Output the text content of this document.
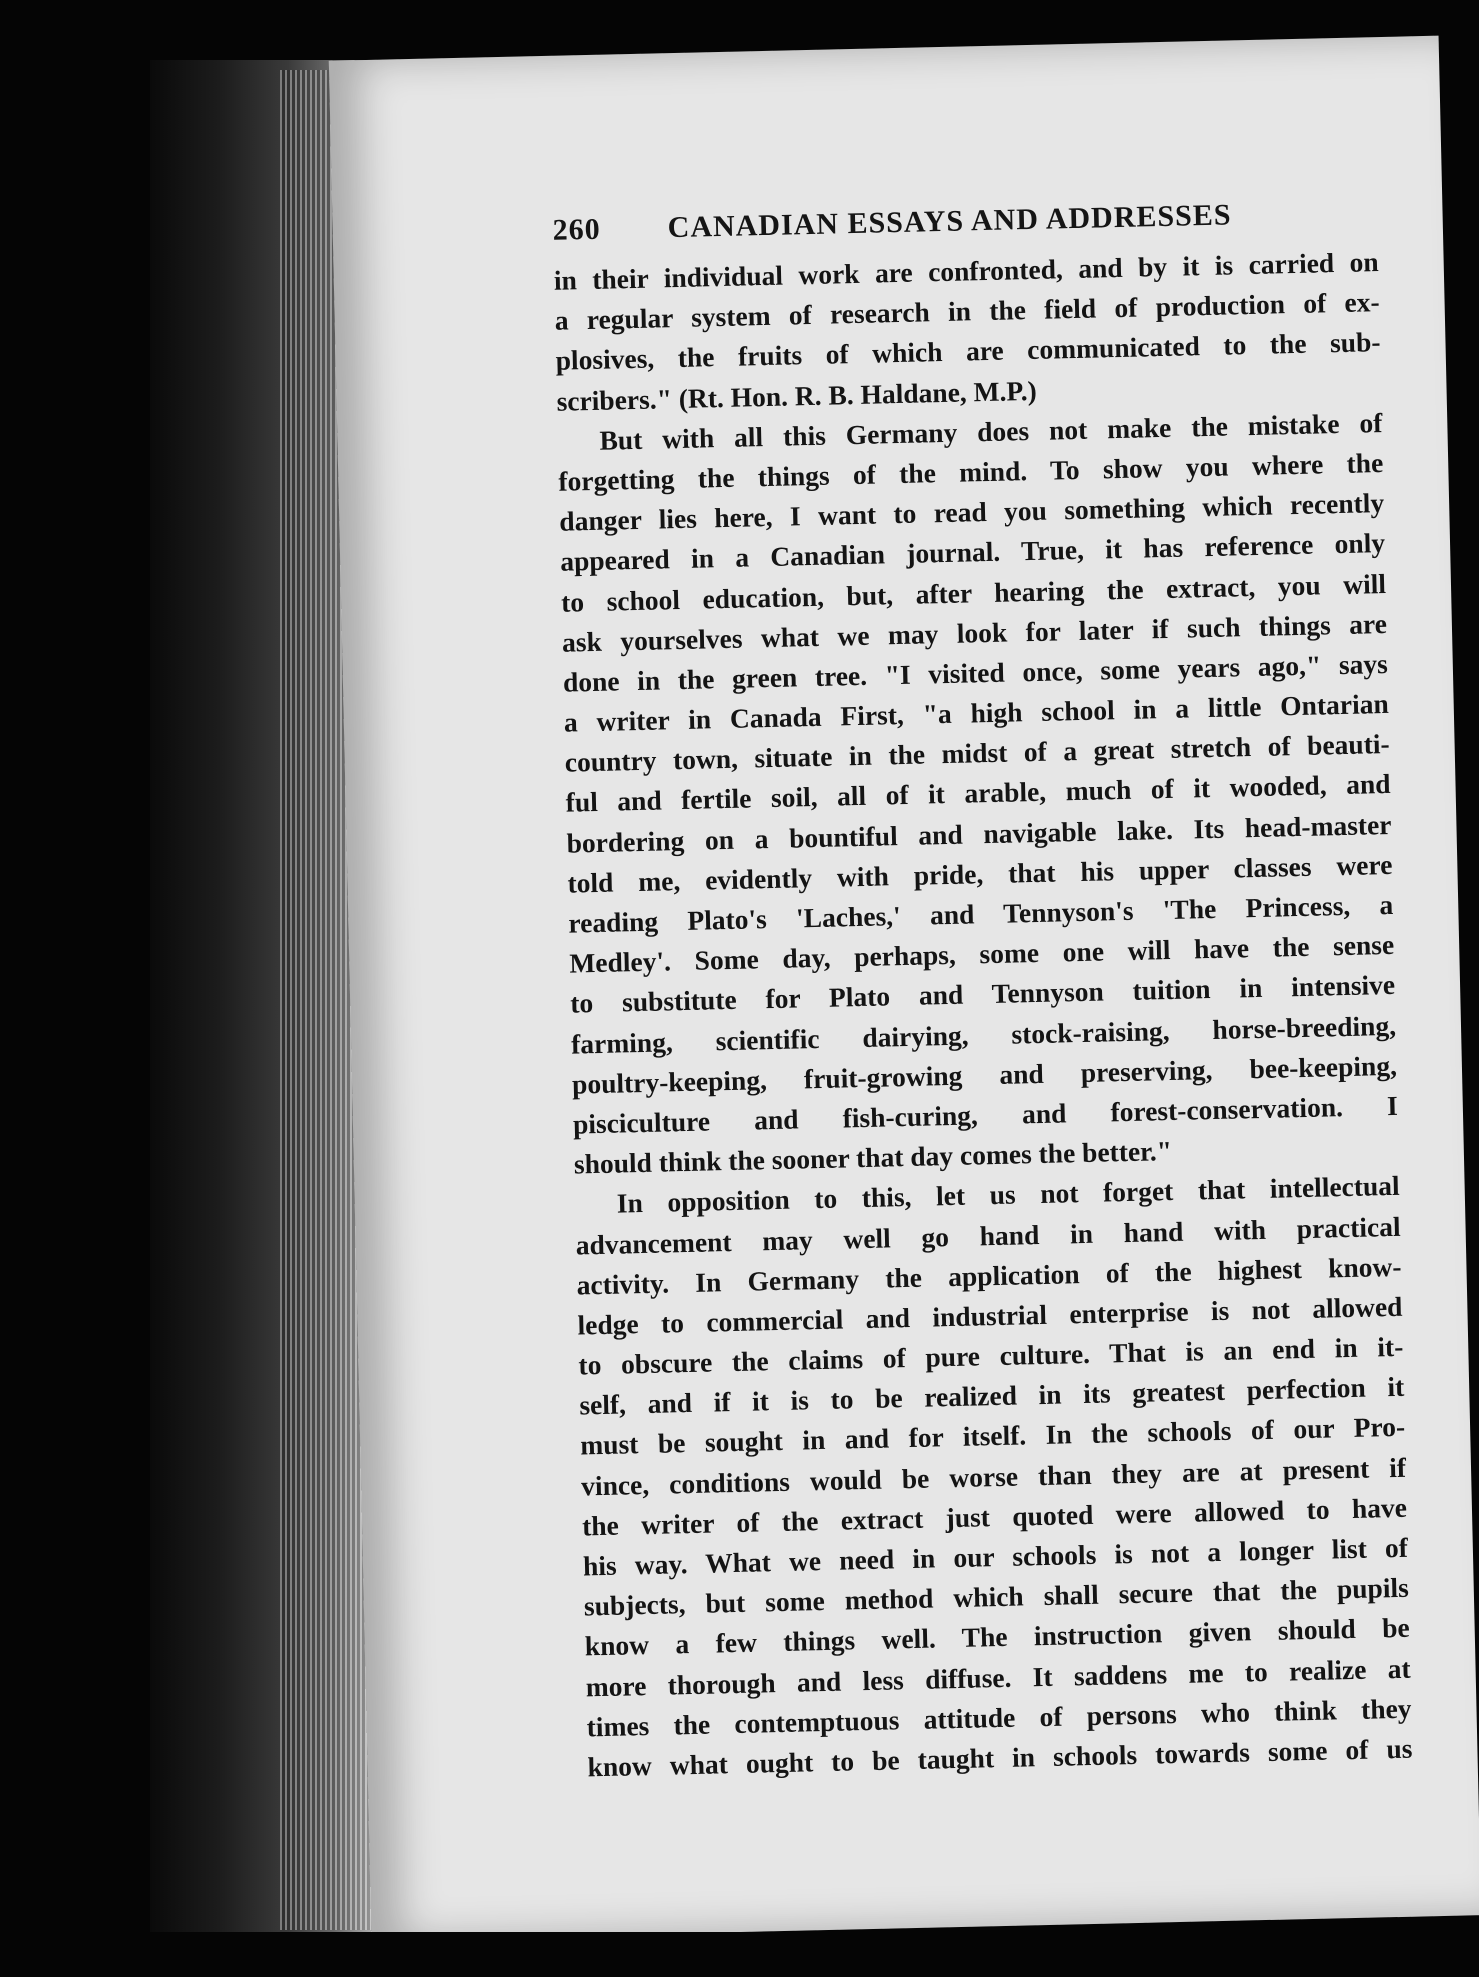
260 CANADIAN ESSAYS AND ADDRESSES
in their individual work are confronted, and by it is carried on
a regular system of research in the field of production of ex-
plosives, the fruits of which are communicated to the sub-
scribers." (Rt. Hon. R. B. Haldane, M.P.)
But with all this Germany does not make the mistake of
forgetting the things of the mind. To show you where the
danger lies here, I want to read you something which recently
appeared in a Canadian journal. True, it has reference only
to school education, but, after hearing the extract, you will
ask yourselves what we may look for later if such things are
done in the green tree. "I visited once, some years ago," says
a writer in Canada First, "a high school in a little Ontarian
country town, situate in the midst of a great stretch of beauti-
ful and fertile soil, all of it arable, much of it wooded, and
bordering on a bountiful and navigable lake. Its head-master
told me, evidently with pride, that his upper classes were
reading Plato's 'Laches,' and Tennyson's 'The Princess, a
Medley'. Some day, perhaps, some one will have the sense
to substitute for Plato and Tennyson tuition in intensive
farming, scientific dairying, stock-raising, horse-breeding,
poultry-keeping, fruit-growing and preserving, bee-keeping,
pisciculture and fish-curing, and forest-conservation. I
should think the sooner that day comes the better."
In opposition to this, let us not forget that intellectual
advancement may well go hand in hand with practical
activity. In Germany the application of the highest know-
ledge to commercial and industrial enterprise is not allowed
to obscure the claims of pure culture. That is an end in it-
self, and if it is to be realized in its greatest perfection it
must be sought in and for itself. In the schools of our Pro-
vince, conditions would be worse than they are at present if
the writer of the extract just quoted were allowed to have
his way. What we need in our schools is not a longer list of
subjects, but some method which shall secure that the pupils
know a few things well. The instruction given should be
more thorough and less diffuse. It saddens me to realize at
times the contemptuous attitude of persons who think they
know what ought to be taught in schools towards some of us
